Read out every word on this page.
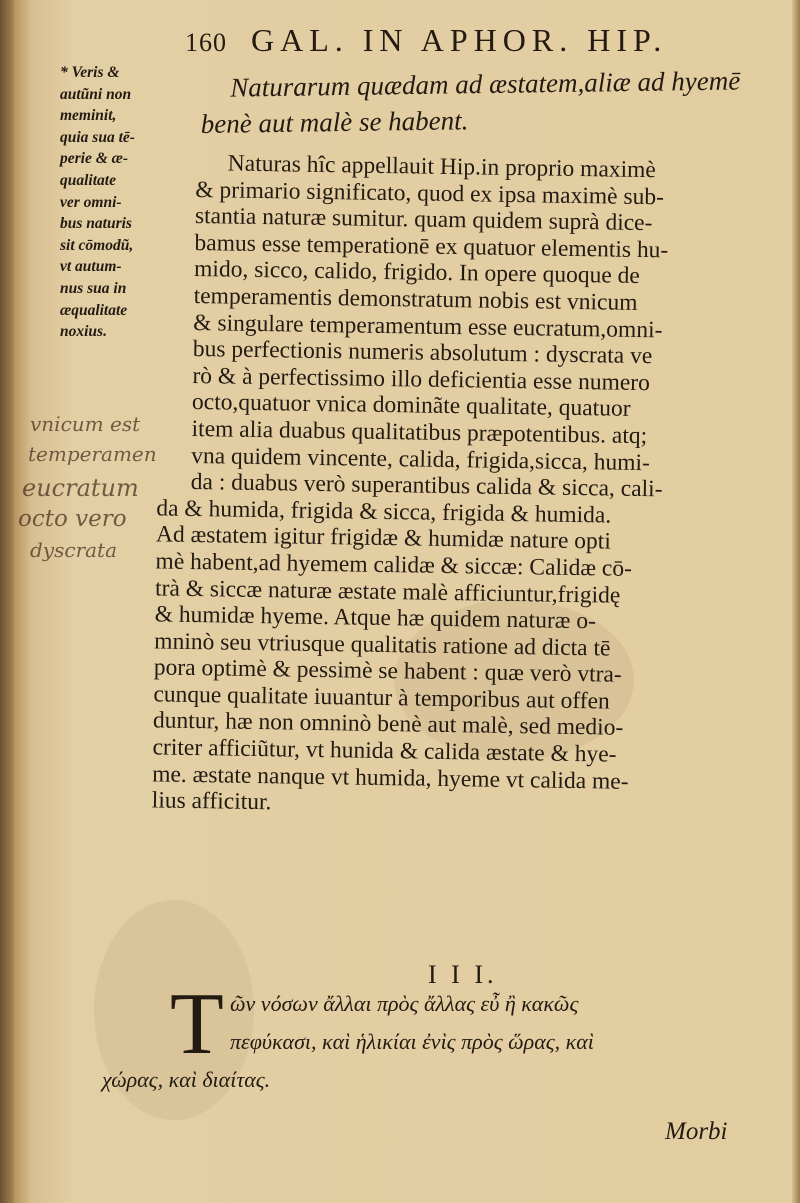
160 GAL. IN APHOR. HIP.
Naturarum quædam ad æstatem,aliæ ad hyemē
benè aut malè se habent.
* Veris &
autũni non
meminit,
quia sua tē-
perie & æ-
qualitate
ver omni-
bus naturis
sit cōmodũ,
vt autum-
nus sua in
æqualitate
noxius.
Naturas hîc appellauit Hip.in proprio maximè
& primario significato, quod ex ipsa maximè sub-
stantia naturæ sumitur. quam quidem suprà dice-
bamus esse temperationē ex quatuor elementis hu-
mido, sicco, calido, frigido. In opere quoque de
temperamentis demonstratum nobis est vnicum
& singulare temperamentum esse eucratum,omni-
bus perfectionis numeris absolutum : dyscrata ve
rò & à perfectissimo illo deficientia esse numero
octo,quatuor vnica dominãte qualitate, quatuor
item alia duabus qualitatibus præpotentibus. atq;
vna quidem vincente, calida, frigida,sicca, humi-
da : duabus verò superantibus calida & sicca, cali-
da & humida, frigida & sicca, frigida & humida.
Ad æstatem igitur frigidæ & humidæ nature opti
mè habent,ad hyemem calidæ & siccæ: Calidæ cō-
trà & siccæ naturæ æstate malè afficiuntur,frigidę
& humidæ hyeme. Atque hæ quidem naturæ o-
mninò seu vtriusque qualitatis ratione ad dicta tē
pora optimè & pessimè se habent : quæ verò vtra-
cunque qualitate iuuantur à temporibus aut offen
duntur, hæ non omninò benè aut malè, sed medio-
criter afficiũtur, vt hunida & calida æstate & hye-
me. æstate nanque vt humida, hyeme vt calida me-
lius afficitur.
vnicum est
temperamen
eucratum
octo vero
dyscrata
I I I.
T ῶν νόσων ἄλλαι πρὸς ἄλλας εὖ ἢ κακῶς
πεφύκασι, καὶ ἡλικίαι ἐνὶς πρὸς ὥρας, καὶ
χώρας, καὶ διαίτας.
Morbi
